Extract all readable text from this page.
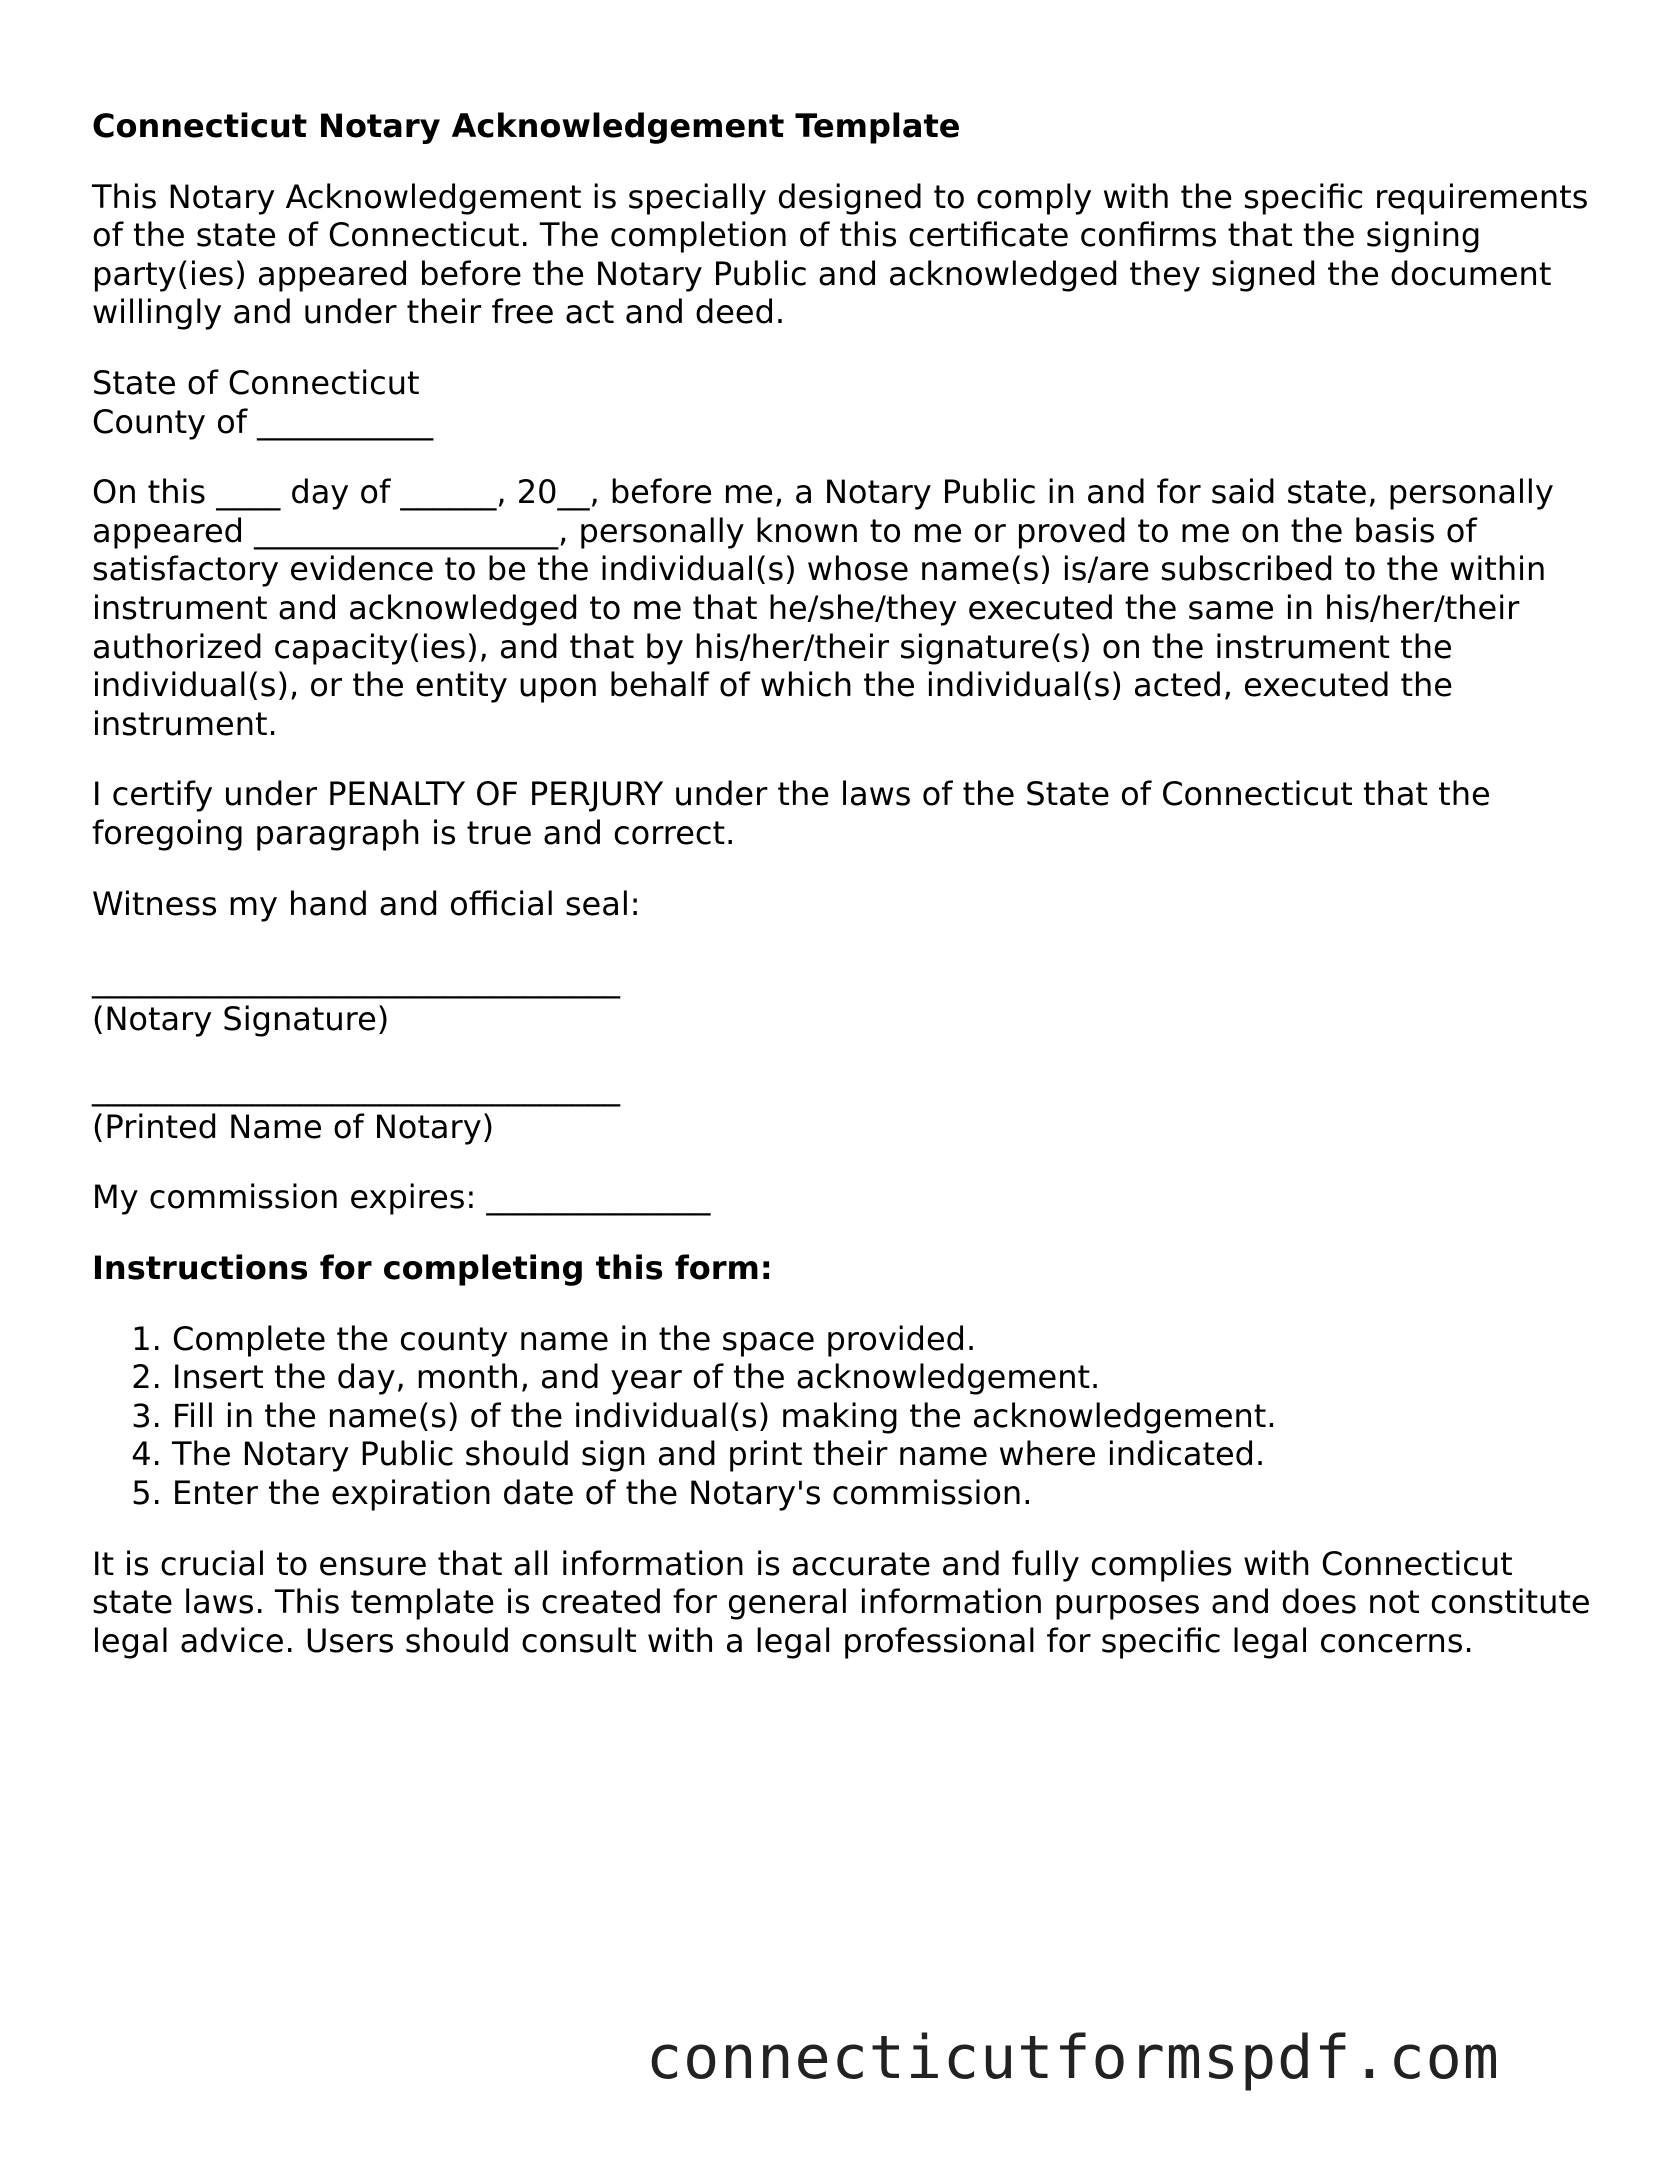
Connecticut Notary Acknowledgement Template

This Notary Acknowledgement is specially designed to comply with the specific requirements of the state of Connecticut. The completion of this certificate confirms that the signing party(ies) appeared before the Notary Public and acknowledged they signed the document willingly and under their free act and deed.

State of Connecticut
County of ___________

On this ____ day of ______, 20__, before me, a Notary Public in and for said state, personally appeared ___________________, personally known to me or proved to me on the basis of satisfactory evidence to be the individual(s) whose name(s) is/are subscribed to the within instrument and acknowledged to me that he/she/they executed the same in his/her/their authorized capacity(ies), and that by his/her/their signature(s) on the instrument the individual(s), or the entity upon behalf of which the individual(s) acted, executed the instrument.

I certify under PENALTY OF PERJURY under the laws of the State of Connecticut that the foregoing paragraph is true and correct.

Witness my hand and official seal:

_________________________________
(Notary Signature)
_________________________________
(Printed Name of Notary)

My commission expires: ______________

Instructions for completing this form:
1. Complete the county name in the space provided.
2. Insert the day, month, and year of the acknowledgement.
3. Fill in the name(s) of the individual(s) making the acknowledgement.
4. The Notary Public should sign and print their name where indicated.
5. Enter the expiration date of the Notary's commission.

It is crucial to ensure that all information is accurate and fully complies with Connecticut state laws. This template is created for general information purposes and does not constitute legal advice. Users should consult with a legal professional for specific legal concerns.

connecticutformspdf.com
